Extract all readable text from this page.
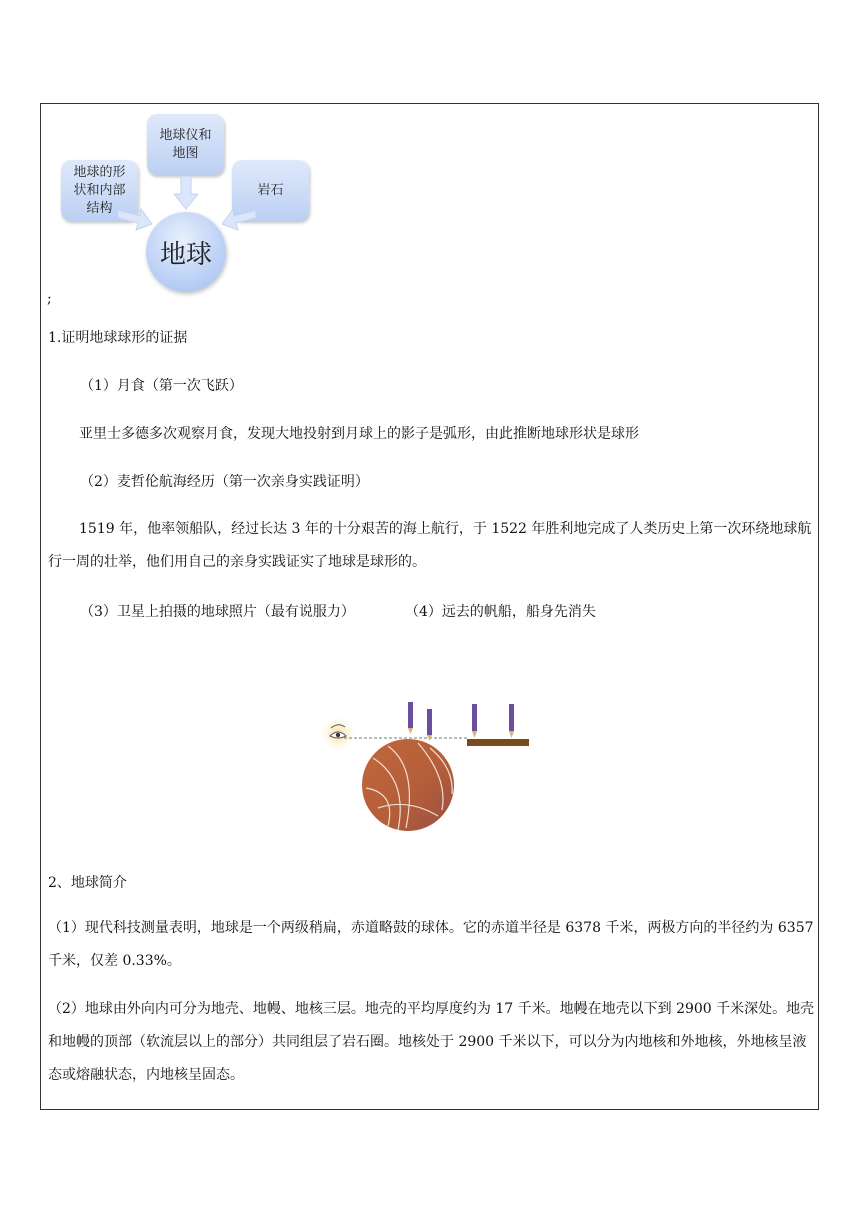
地球的形
状和内部
结构
地球仪和
地图
岩石
地球
;
1.证明地球球形的证据
（1）月食（第一次飞跃）
亚里士多德多次观察月食，发现大地投射到月球上的影子是弧形，由此推断地球形状是球形
（2）麦哲伦航海经历（第一次亲身实践证明）
1519 年，他率领船队，经过长达 3 年的十分艰苦的海上航行，于 1522 年胜利地完成了人类历史上第一次环绕地球航行一周的壮举，他们用自己的亲身实践证实了地球是球形的。
（3）卫星上拍摄的地球照片（最有说服力）	（4）远去的帆船，船身先消失
2、地球简介
（1）现代科技测量表明，地球是一个两级稍扁，赤道略鼓的球体。它的赤道半径是 6378 千米，两极方向的半径约为 6357 千米，仅差 0.33%。
（2）地球由外向内可分为地壳、地幔、地核三层。地壳的平均厚度约为 17 千米。地幔在地壳以下到 2900 千米深处。地壳和地幔的顶部（软流层以上的部分）共同组层了岩石圈。地核处于 2900 千米以下，可以分为内地核和外地核，外地核呈液态或熔融状态，内地核呈固态。
